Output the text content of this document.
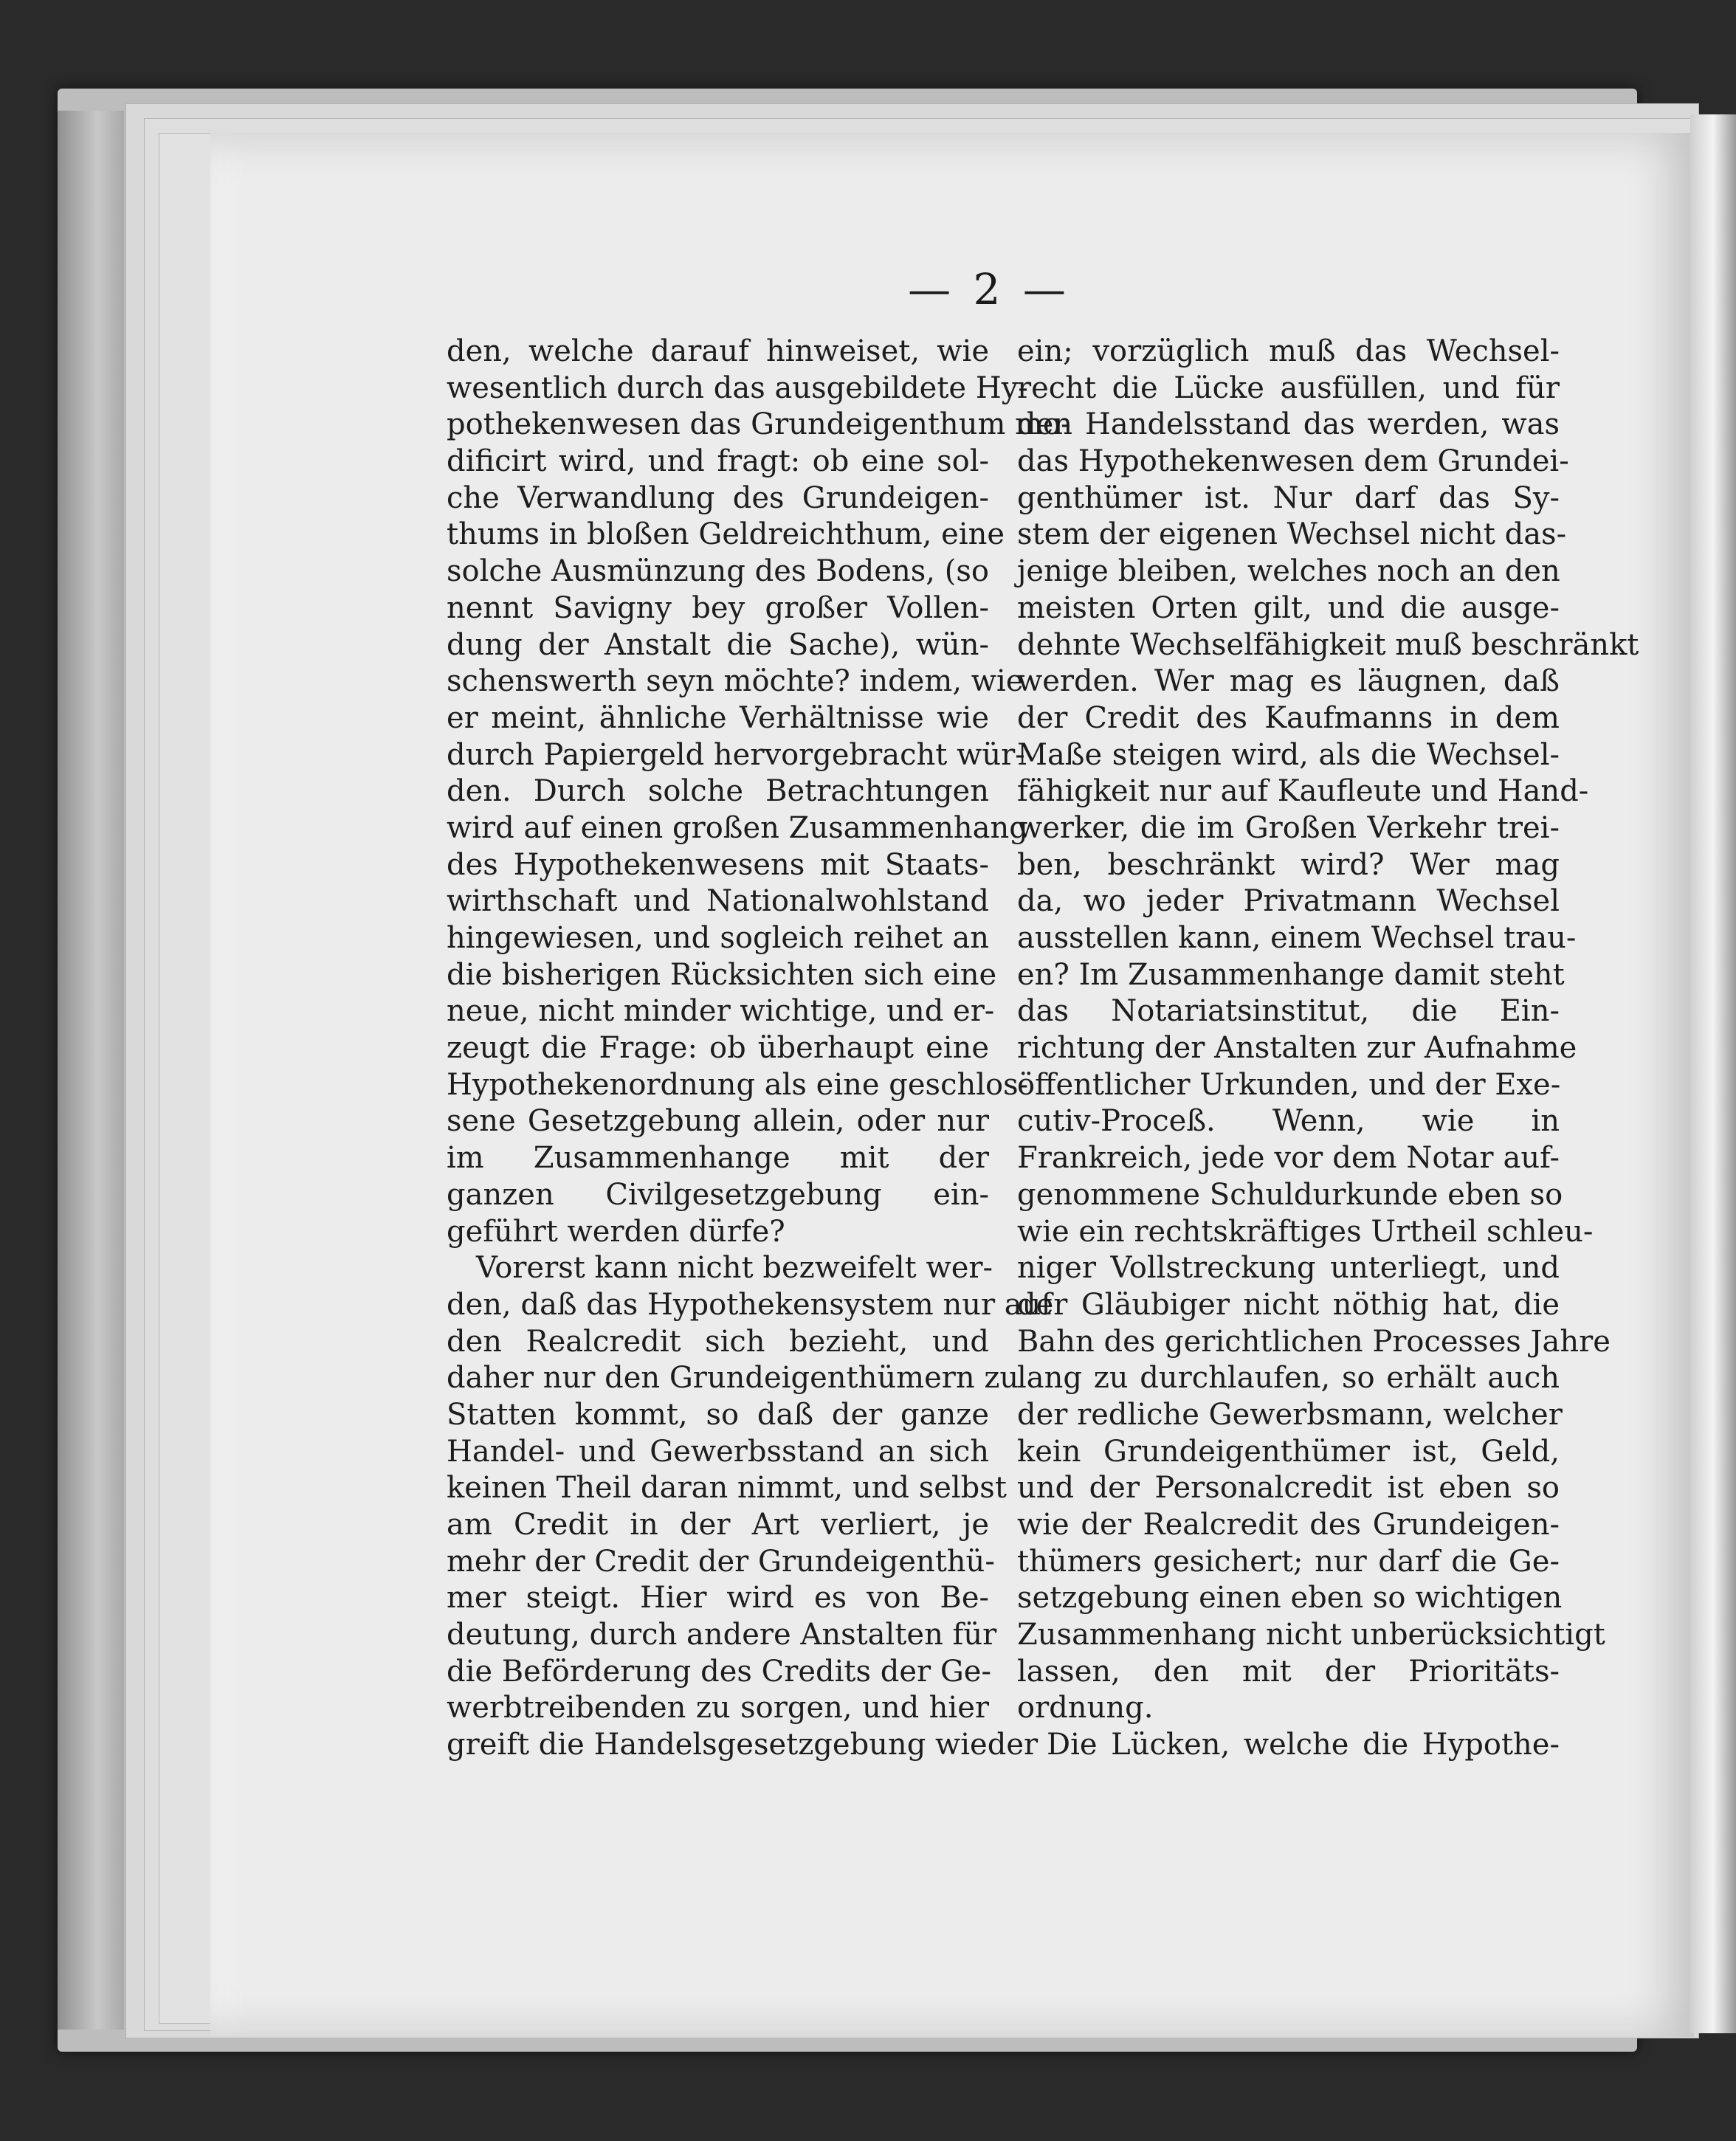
— 2 —
den, welche darauf hinweiset, wie
wesentlich durch das ausgebildete Hy-
pothekenwesen das Grundeigenthum mo-
dificirt wird, und fragt: ob eine sol-
che Verwandlung des Grundeigen-
thums in bloßen Geldreichthum, eine
solche Ausmünzung des Bodens, (so
nennt Savigny bey großer Vollen-
dung der Anstalt die Sache), wün-
schenswerth seyn möchte? indem, wie
er meint, ähnliche Verhältnisse wie
durch Papiergeld hervorgebracht wür-
den. Durch solche Betrachtungen
wird auf einen großen Zusammenhang
des Hypothekenwesens mit Staats-
wirthschaft und Nationalwohlstand
hingewiesen, und sogleich reihet an
die bisherigen Rücksichten sich eine
neue, nicht minder wichtige, und er-
zeugt die Frage: ob überhaupt eine
Hypothekenordnung als eine geschlos-
sene Gesetzgebung allein, oder nur
im Zusammenhange mit der
ganzen Civilgesetzgebung ein-
geführt werden dürfe?
Vorerst kann nicht bezweifelt wer-
den, daß das Hypothekensystem nur auf
den Realcredit sich bezieht, und
daher nur den Grundeigenthümern zu
Statten kommt, so daß der ganze
Handel- und Gewerbsstand an sich
keinen Theil daran nimmt, und selbst
am Credit in der Art verliert, je
mehr der Credit der Grundeigenthü-
mer steigt. Hier wird es von Be-
deutung, durch andere Anstalten für
die Beförderung des Credits der Ge-
werbtreibenden zu sorgen, und hier
greift die Handelsgesetzgebung wieder
ein; vorzüglich muß das Wechsel-
recht die Lücke ausfüllen, und für
den Handelsstand das werden, was
das Hypothekenwesen dem Grundei-
genthümer ist. Nur darf das Sy-
stem der eigenen Wechsel nicht das-
jenige bleiben, welches noch an den
meisten Orten gilt, und die ausge-
dehnte Wechselfähigkeit muß beschränkt
werden. Wer mag es läugnen, daß
der Credit des Kaufmanns in dem
Maße steigen wird, als die Wechsel-
fähigkeit nur auf Kaufleute und Hand-
werker, die im Großen Verkehr trei-
ben, beschränkt wird? Wer mag
da, wo jeder Privatmann Wechsel
ausstellen kann, einem Wechsel trau-
en? Im Zusammenhange damit steht
das Notariatsinstitut, die Ein-
richtung der Anstalten zur Aufnahme
öffentlicher Urkunden, und der Exe-
cutiv-Proceß. Wenn, wie in
Frankreich, jede vor dem Notar auf-
genommene Schuldurkunde eben so
wie ein rechtskräftiges Urtheil schleu-
niger Vollstreckung unterliegt, und
der Gläubiger nicht nöthig hat, die
Bahn des gerichtlichen Processes Jahre
lang zu durchlaufen, so erhält auch
der redliche Gewerbsmann, welcher
kein Grundeigenthümer ist, Geld,
und der Personalcredit ist eben so
wie der Realcredit des Grundeigen-
thümers gesichert; nur darf die Ge-
setzgebung einen eben so wichtigen
Zusammenhang nicht unberücksichtigt
lassen, den mit der Prioritäts-
ordnung.
Die Lücken, welche die Hypothe-
